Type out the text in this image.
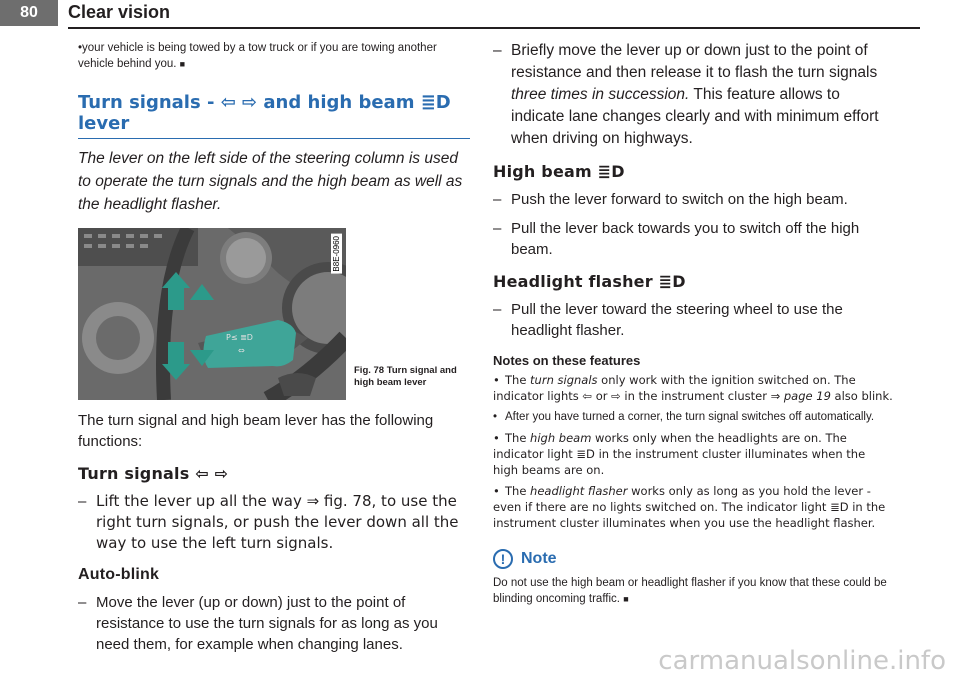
80	Clear vision

•your vehicle is being towed by a tow truck or if you are towing another vehicle behind you. ■

Turn signals - ⇦ ⇨ and high beam ≣D lever

The lever on the left side of the steering column is used to operate the turn signals and the high beam as well as the headlight flasher.

P≤ ≣D
⇔
B8E-0960
Fig. 78 Turn signal and high beam lever

The turn signal and high beam lever has the following functions:

Turn signals ⇦ ⇨

– Lift the lever up all the way ⇒ fig. 78, to use the right turn signals, or push the lever down all the way to use the left turn signals.

Auto-blink

– Move the lever (up or down) just to the point of resistance to use the turn signals for as long as you need them, for example when changing lanes.

– Briefly move the lever up or down just to the point of resistance and then release it to flash the turn signals three times in succession. This feature allows to indicate lane changes clearly and with minimum effort when driving on highways.

High beam ≣D

– Push the lever forward to switch on the high beam.

– Pull the lever back towards you to switch off the high beam.

Headlight flasher ≣D

– Pull the lever toward the steering wheel to use the headlight flasher.

Notes on these features

• The turn signals only work with the ignition switched on. The indicator lights ⇦ or ⇨ in the instrument cluster ⇒ page 19 also blink.

• After you have turned a corner, the turn signal switches off automatically.

• The high beam works only when the headlights are on. The indicator light ≣D in the instrument cluster illuminates when the high beams are on.

• The headlight flasher works only as long as you hold the lever - even if there are no lights switched on. The indicator light ≣D in the instrument cluster illuminates when you use the headlight flasher.

! Note

Do not use the high beam or headlight flasher if you know that these could be blinding oncoming traffic. ■

carmanualsonline.info
